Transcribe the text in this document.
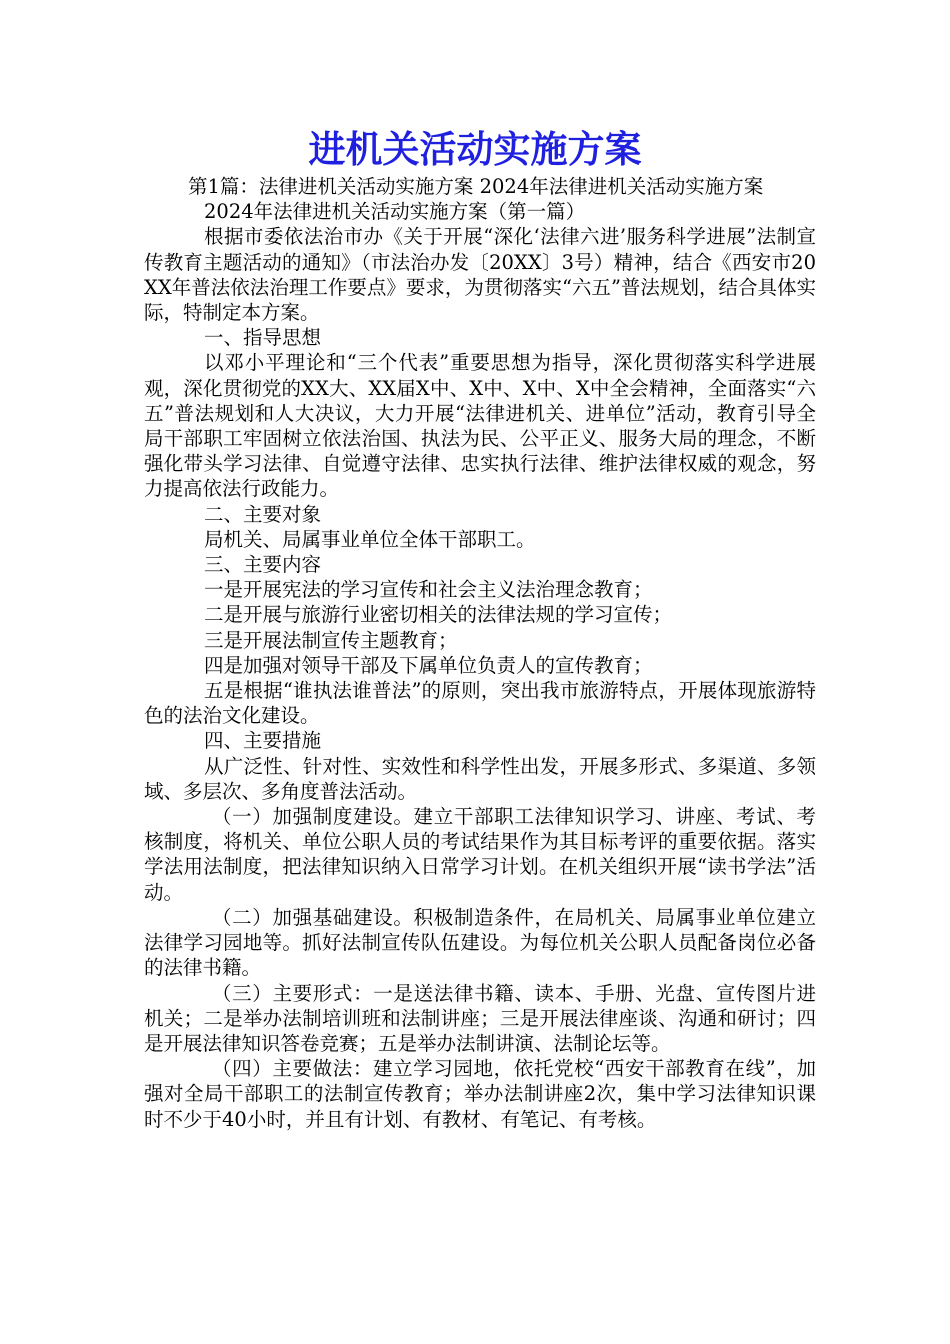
进机关活动实施方案

第1篇：法律进机关活动实施方案 2024年法律进机关活动实施方案

2024年法律进机关活动实施方案（第一篇）

根据市委依法治市办《关于开展“深化‘法律六进’服务科学进展”法制宣传教育主题活动的通知》（市法治办发〔20XX〕3号）精神，结合《西安市20XX年普法依法治理工作要点》要求，为贯彻落实“六五”普法规划，结合具体实际，特制定本方案。

一、指导思想

以邓小平理论和“三个代表”重要思想为指导，深化贯彻落实科学进展观，深化贯彻党的XX大、XX届X中、X中、X中、X中全会精神，全面落实“六五”普法规划和人大决议，大力开展“法律进机关、进单位”活动，教育引导全局干部职工牢固树立依法治国、执法为民、公平正义、服务大局的理念，不断强化带头学习法律、自觉遵守法律、忠实执行法律、维护法律权威的观念，努力提高依法行政能力。

二、主要对象

局机关、局属事业单位全体干部职工。

三、主要内容

一是开展宪法的学习宣传和社会主义法治理念教育；

二是开展与旅游行业密切相关的法律法规的学习宣传；

三是开展法制宣传主题教育；

四是加强对领导干部及下属单位负责人的宣传教育；

五是根据“谁执法谁普法”的原则，突出我市旅游特点，开展体现旅游特色的法治文化建设。

四、主要措施

从广泛性、针对性、实效性和科学性出发，开展多形式、多渠道、多领域、多层次、多角度普法活动。

（一）加强制度建设。建立干部职工法律知识学习、讲座、考试、考核制度，将机关、单位公职人员的考试结果作为其目标考评的重要依据。落实学法用法制度，把法律知识纳入日常学习计划。在机关组织开展“读书学法”活动。

（二）加强基础建设。积极制造条件，在局机关、局属事业单位建立法律学习园地等。抓好法制宣传队伍建设。为每位机关公职人员配备岗位必备的法律书籍。

（三）主要形式：一是送法律书籍、读本、手册、光盘、宣传图片进机关；二是举办法制培训班和法制讲座；三是开展法律座谈、沟通和研讨；四是开展法律知识答卷竞赛；五是举办法制讲演、法制论坛等。

（四）主要做法：建立学习园地，依托党校“西安干部教育在线”，加强对全局干部职工的法制宣传教育；举办法制讲座2次，集中学习法律知识课时不少于40小时，并且有计划、有教材、有笔记、有考核。
